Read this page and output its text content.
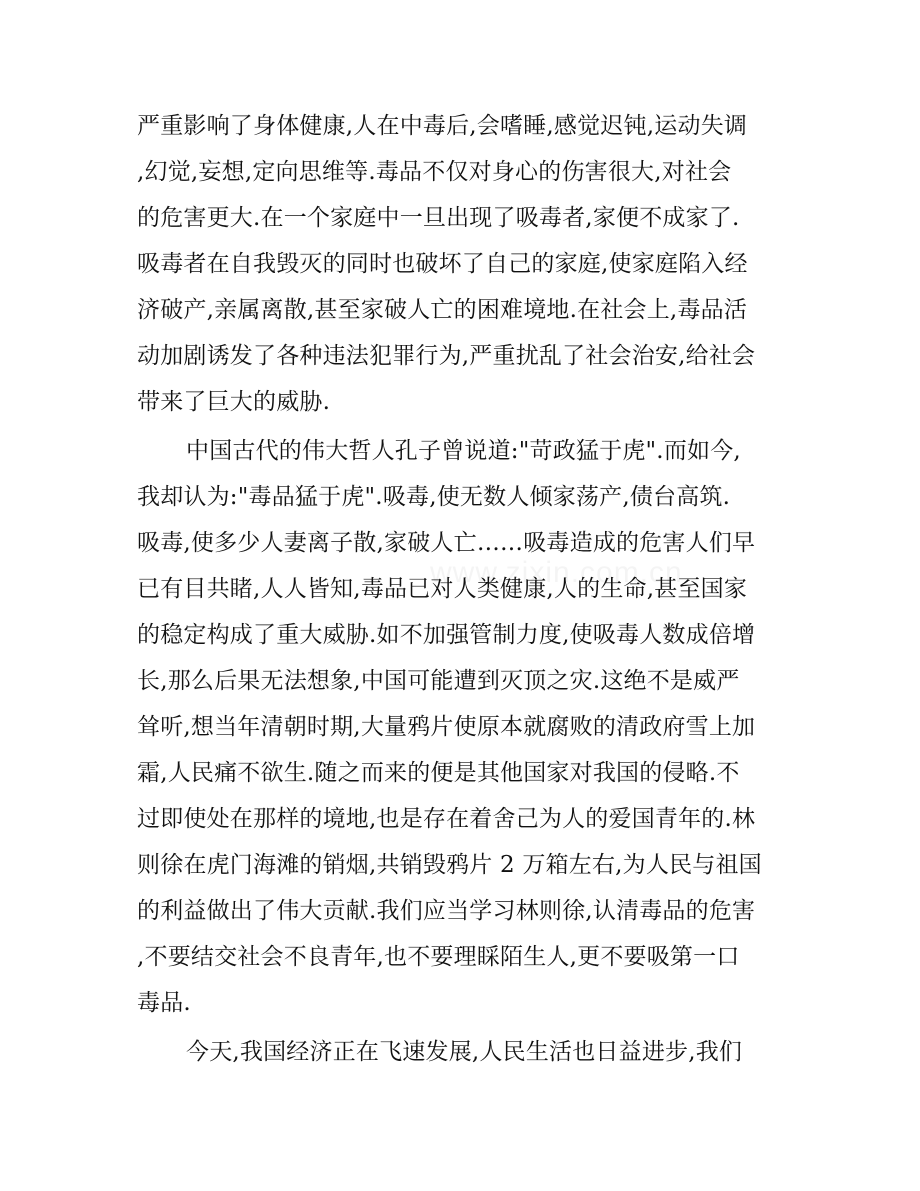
严重影响了身体健康,人在中毒后,会嗜睡,感觉迟钝,运动失调
,幻觉,妄想,定向思维等.毒品不仅对身心的伤害很大,对社会
的危害更大.在一个家庭中一旦出现了吸毒者,家便不成家了.
吸毒者在自我毁灭的同时也破坏了自己的家庭,使家庭陷入经
济破产,亲属离散,甚至家破人亡的困难境地.在社会上,毒品活
动加剧诱发了各种违法犯罪行为,严重扰乱了社会治安,给社会
带来了巨大的威胁.
中国古代的伟大哲人孔子曾说道:"苛政猛于虎".而如今,
我却认为:"毒品猛于虎".吸毒,使无数人倾家荡产,债台高筑.
吸毒,使多少人妻离子散,家破人亡……吸毒造成的危害人们早
已有目共睹,人人皆知,毒品已对人类健康,人的生命,甚至国家
的稳定构成了重大威胁.如不加强管制力度,使吸毒人数成倍增
长,那么后果无法想象,中国可能遭到灭顶之灾.这绝不是威严
耸听,想当年清朝时期,大量鸦片使原本就腐败的清政府雪上加
霜,人民痛不欲生.随之而来的便是其他国家对我国的侵略.不
过即使处在那样的境地,也是存在着舍己为人的爱国青年的.林
则徐在虎门海滩的销烟,共销毁鸦片 2 万箱左右,为人民与祖国
的利益做出了伟大贡献.我们应当学习林则徐,认清毒品的危害
,不要结交社会不良青年,也不要理睬陌生人,更不要吸第一口
毒品.
今天,我国经济正在飞速发展,人民生活也日益进步,我们
